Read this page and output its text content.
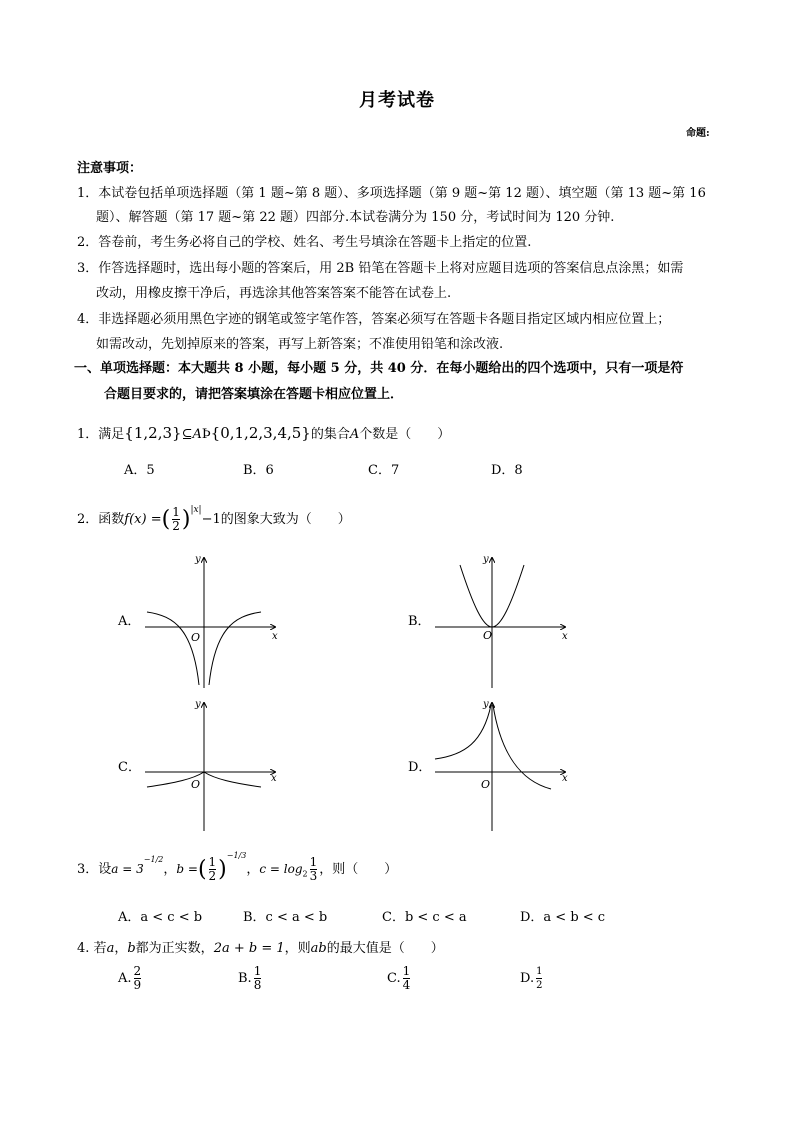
月考试卷
命题:
注意事项：
1．本试卷包括单项选择题（第 1 题~第 8 题）、多项选择题（第 9 题~第 12 题）、填空题（第 13 题~第 16
题）、解答题（第 17 题~第 22 题）四部分.本试卷满分为 150 分，考试时间为 120 分钟.
2．答卷前，考生务必将自己的学校、姓名、考生号填涂在答题卡上指定的位置.
3．作答选择题时，选出每小题的答案后，用 2B 铅笔在答题卡上将对应题目选项的答案信息点涂黑；如需
改动，用橡皮擦干净后，再选涂其他答案答案不能答在试卷上.
4．非选择题必须用黑色字迹的钢笔或签字笔作答，答案必须写在答题卡各题目指定区域内相应位置上；
如需改动，先划掉原来的答案，再写上新答案；不准使用铅笔和涂改液.
一、单项选择题：本大题共 8 小题，每小题 5 分，共 40 分．在每小题给出的四个选项中，只有一项是符
合题目要求的，请把答案填涂在答题卡相应位置上．
1．满足{1,2,3}⊆AÞ{0,1,2,3,4,5}的集合A个数是（　　）
A．5	B．6	C．7	D．8
2．函数f(x) =( $\frac{1}{2} )^{|x|}-1$的图象大致为（　　）
A．	B．
C．	D．
x
y
O	x
y
O
x
y
O	x
y
O
3．设$a = 3^{-1/2}$，b =( $\frac{1}{2} )^{-1/3}$，$c = \log_2 \frac{1}{3}$ ，则（　　）
A．a < c < b	B．c < a < b	C．b < c < a	D．a < b < c
4. 若a，b都为正实数，2a + b = 1，则ab的最大值是（　　）
A. $\frac{2}{9}$	B. $\frac{1}{8}$	C. $\frac{1}{4}$	D. $\frac{1}{2}$
